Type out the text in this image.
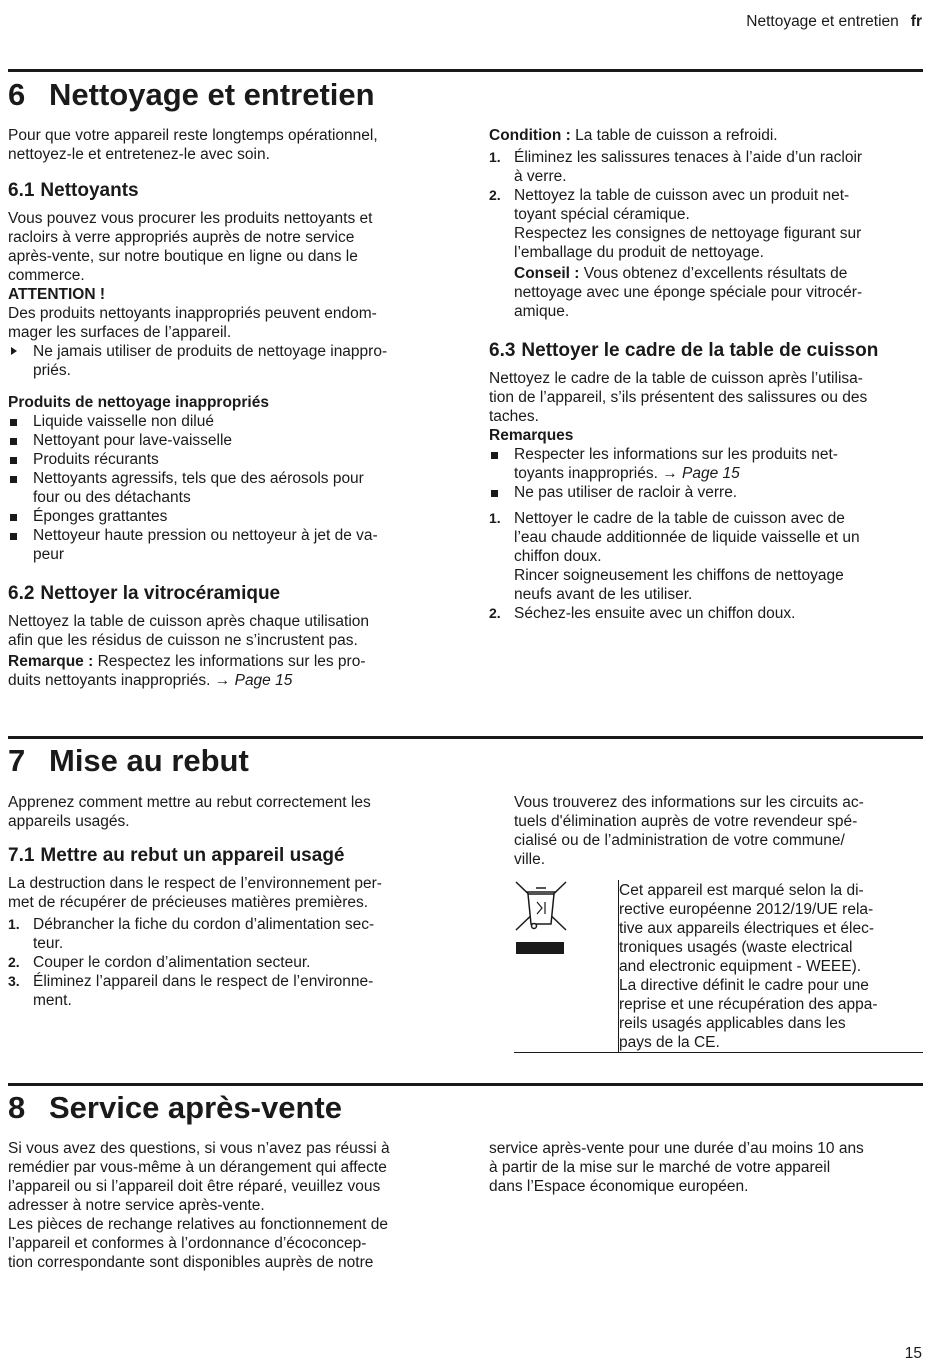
Nettoyage et entretien fr
6 Nettoyage et entretien

Pour que votre appareil reste longtemps opérationnel,
nettoyez-le et entretenez-le avec soin.

6.1 Nettoyants

Vous pouvez vous procurer les produits nettoyants et
racloirs à verre appropriés auprès de notre service
après-vente, sur notre boutique en ligne ou dans le
commerce.

ATTENTION !

Des produits nettoyants inappropriés peuvent endom-
mager les surfaces de l’appareil.

Ne jamais utiliser de produits de nettoyage inappro-
priés.

Produits de nettoyage inappropriés

Liquide vaisselle non dilué
Nettoyant pour lave-vaisselle
Produits récurants
Nettoyants agressifs, tels que des aérosols pour
four ou des détachants
Éponges grattantes
Nettoyeur haute pression ou nettoyeur à jet de va-
peur
6.2 Nettoyer la vitrocéramique

Nettoyez la table de cuisson après chaque utilisation
afin que les résidus de cuisson ne s’incrustent pas.

Remarque : Respectez les informations sur les pro-
duits nettoyants inappropriés. → Page 15

Condition : La table de cuisson a refroidi.

1. Éliminez les salissures tenaces à l’aide d’un racloir
à verre.
2. Nettoyez la table de cuisson avec un produit net-
toyant spécial céramique.
Respectez les consignes de nettoyage figurant sur
l’emballage du produit de nettoyage.

Conseil : Vous obtenez d’excellents résultats de
nettoyage avec une éponge spéciale pour vitrocér-
amique.

6.3 Nettoyer le cadre de la table de cuisson

Nettoyez le cadre de la table de cuisson après l’utilisa-
tion de l’appareil, s’ils présentent des salissures ou des
taches.

Remarques

Respecter les informations sur les produits net-
toyants inappropriés. → Page 15
Ne pas utiliser de racloir à verre.
1. Nettoyer le cadre de la table de cuisson avec de
l’eau chaude additionnée de liquide vaisselle et un
chiffon doux.
Rincer soigneusement les chiffons de nettoyage
neufs avant de les utiliser.
2. Séchez-les ensuite avec un chiffon doux.
7 Mise au rebut

Apprenez comment mettre au rebut correctement les
appareils usagés.

7.1 Mettre au rebut un appareil usagé

La destruction dans le respect de l’environnement per-
met de récupérer de précieuses matières premières.

1. Débrancher la fiche du cordon d’alimentation sec-
teur.
2. Couper le cordon d’alimentation secteur.
3. Éliminez l’appareil dans le respect de l’environne-
ment.

Vous trouverez des informations sur les circuits ac-
tuels d'élimination auprès de votre revendeur spé-
cialisé ou de l’administration de votre commune/
ville.

Cet appareil est marqué selon la di-
rective européenne 2012/19/UE rela-
tive aux appareils électriques et élec-
troniques usagés (waste electrical
and electronic equipment - WEEE).
La directive définit le cadre pour une
reprise et une récupération des appa-
reils usagés applicables dans les
pays de la CE.

8 Service après-vente

Si vous avez des questions, si vous n’avez pas réussi à
remédier par vous-même à un dérangement qui affecte
l’appareil ou si l’appareil doit être réparé, veuillez vous
adresser à notre service après-vente.
Les pièces de rechange relatives au fonctionnement de
l’appareil et conformes à l’ordonnance d’écoconcep-
tion correspondante sont disponibles auprès de notre

service après-vente pour une durée d’au moins 10 ans
à partir de la mise sur le marché de votre appareil
dans l’Espace économique européen.

15
